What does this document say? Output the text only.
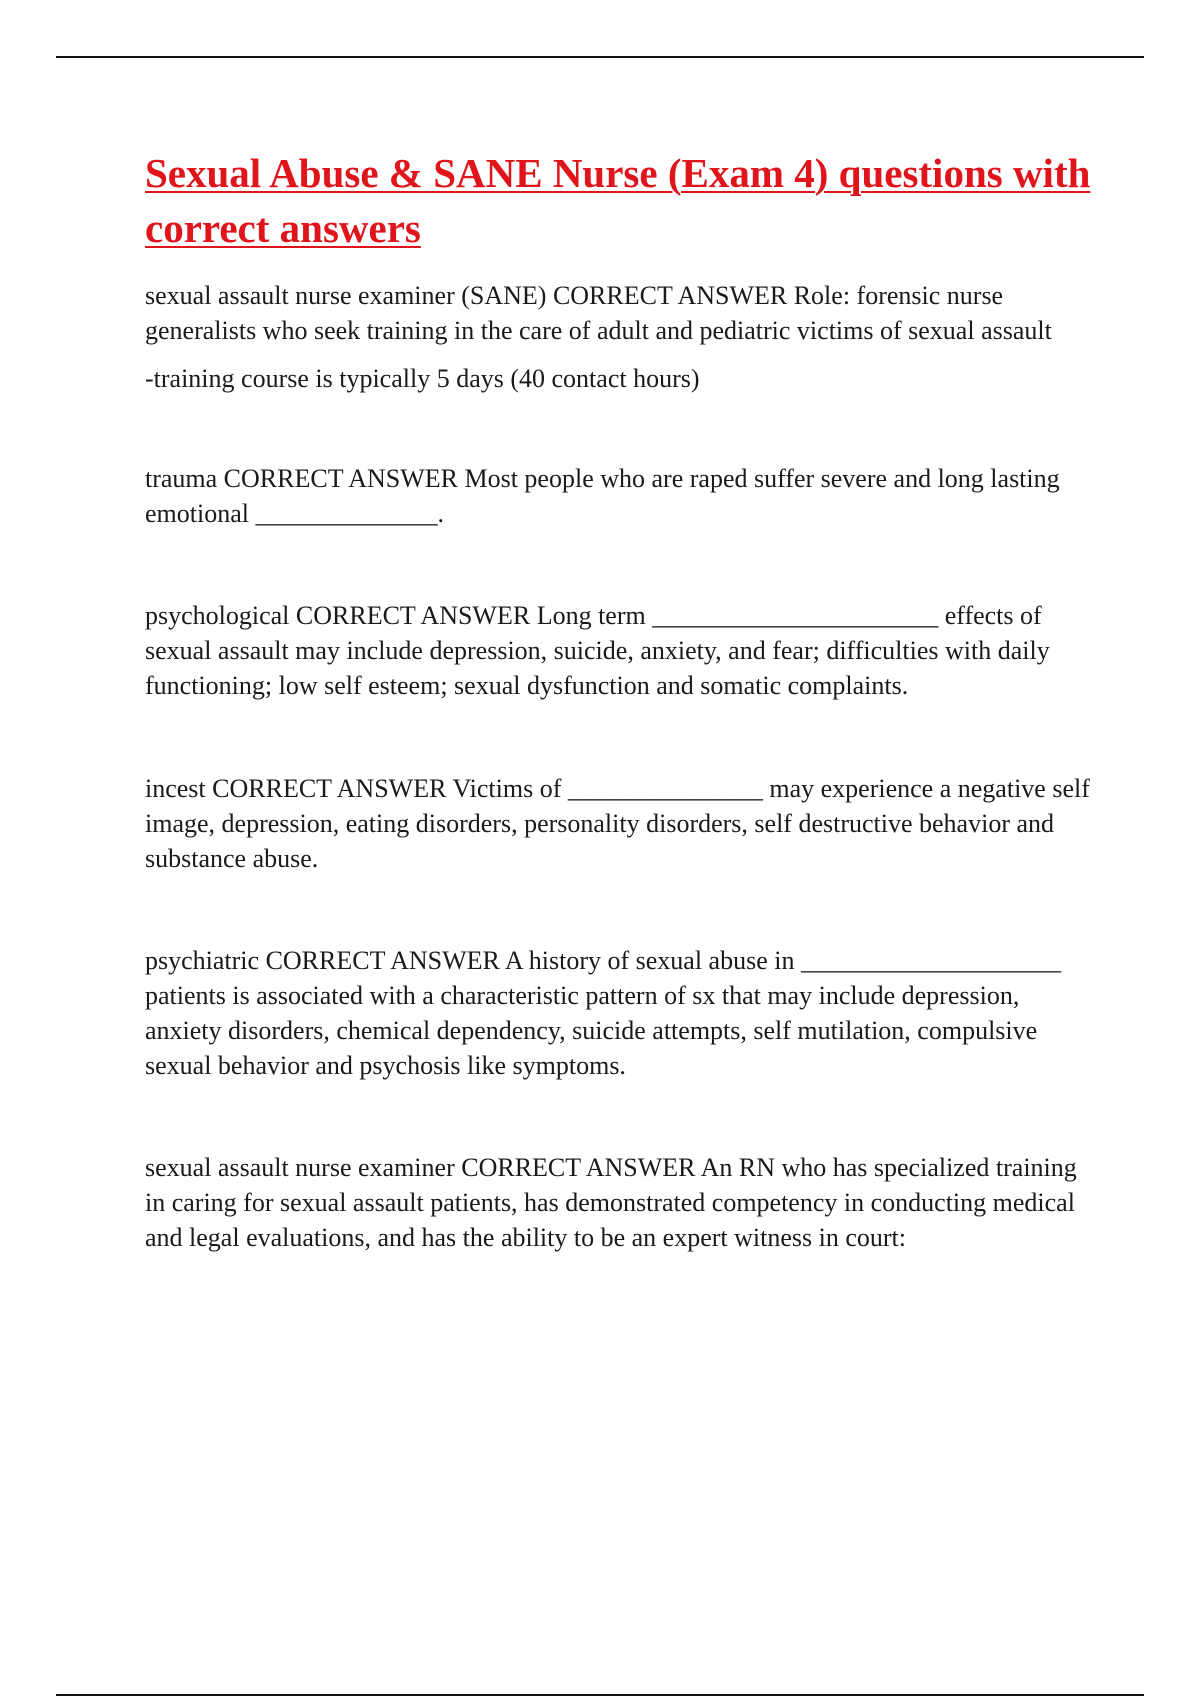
Sexual Abuse & SANE Nurse (Exam 4) questions with correct answers

sexual assault nurse examiner (SANE) CORRECT ANSWER Role: forensic nurse generalists who seek training in the care of adult and pediatric victims of sexual assault

-training course is typically 5 days (40 contact hours)

trauma CORRECT ANSWER Most people who are raped suffer severe and long lasting emotional ______________.

psychological CORRECT ANSWER Long term ______________________ effects of sexual assault may include depression, suicide, anxiety, and fear; difficulties with daily functioning; low self esteem; sexual dysfunction and somatic complaints.

incest CORRECT ANSWER Victims of _______________ may experience a negative self image, depression, eating disorders, personality disorders, self destructive behavior and substance abuse.

psychiatric CORRECT ANSWER A history of sexual abuse in ____________________ patients is associated with a characteristic pattern of sx that may include depression, anxiety disorders, chemical dependency, suicide attempts, self mutilation, compulsive sexual behavior and psychosis like symptoms.

sexual assault nurse examiner CORRECT ANSWER An RN who has specialized training in caring for sexual assault patients, has demonstrated competency in conducting medical and legal evaluations, and has the ability to be an expert witness in court:
